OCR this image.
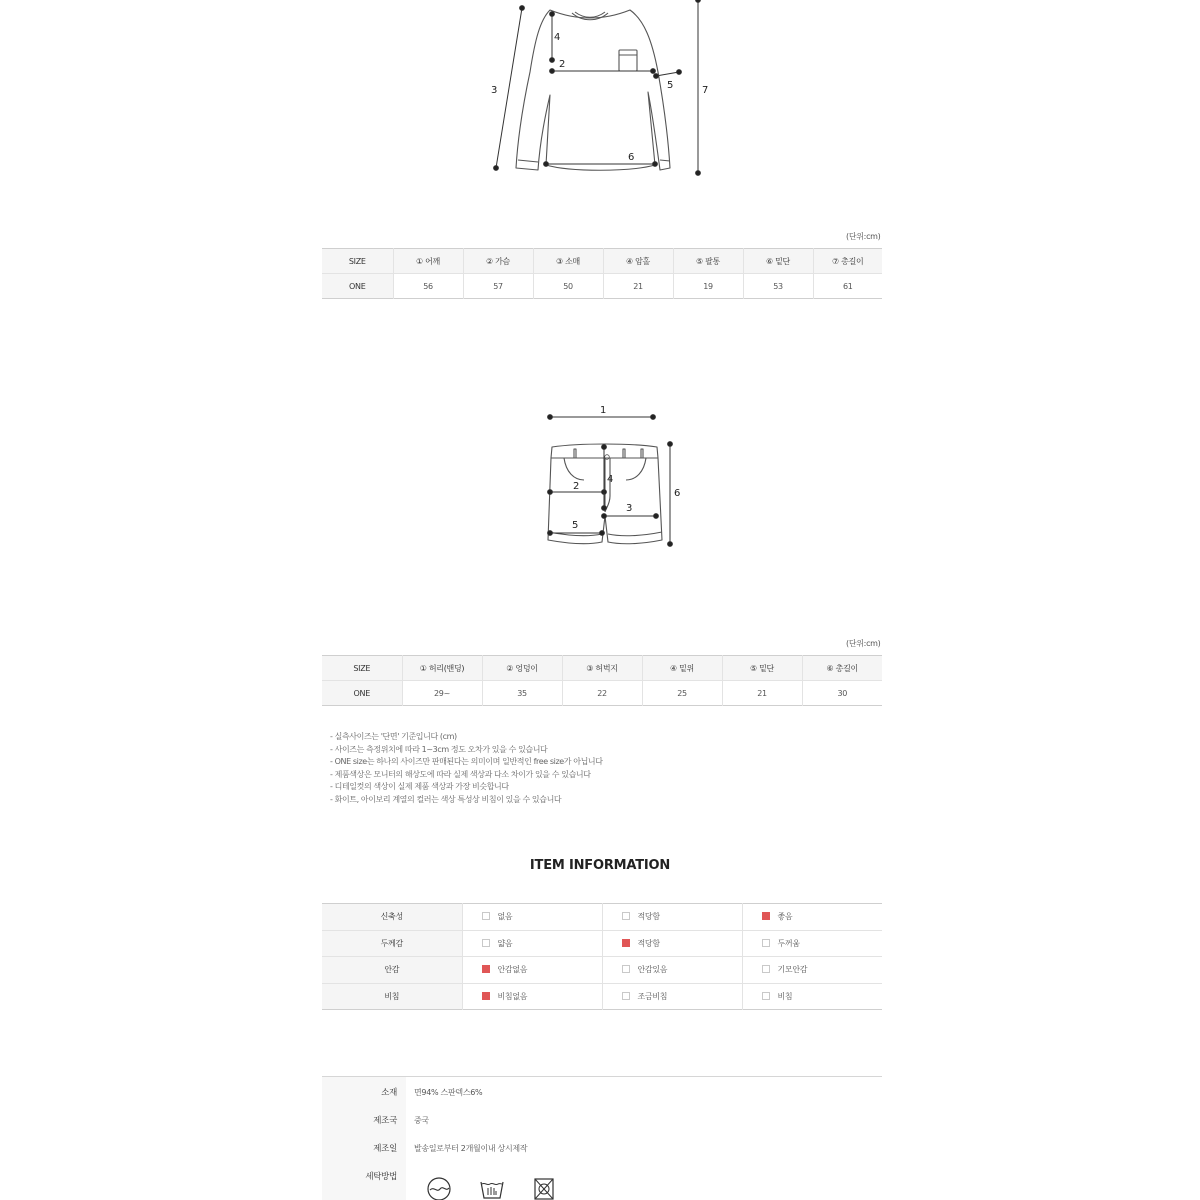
3
4
2
5
6
7
(단위:cm)
SIZE	① 어깨	② 가슴	③ 소매	④ 암홀	⑤ 팔통	⑥ 밑단	⑦ 총길이
ONE	56	57	50	21	19	53	61
1
2
4
3
5
6
(단위:cm)
SIZE	① 허리(밴딩)	② 엉덩이	③ 허벅지	④ 밑위	⑤ 밑단	⑥ 총길이
ONE	29~	35	22	25	21	30
- 실측사이즈는 '단면' 기준입니다 (cm)
- 사이즈는 측정위치에 따라 1~3cm 정도 오차가 있을 수 있습니다
- ONE size는 하나의 사이즈만 판매된다는 의미이며 일반적인 free size가 아닙니다
- 제품색상은 모니터의 해상도에 따라 실제 색상과 다소 차이가 있을 수 있습니다
- 디테일컷의 색상이 실제 제품 색상과 가장 비슷합니다
- 화이트, 아이보리 계열의 컬러는 색상 특성상 비침이 있을 수 있습니다
ITEM INFORMATION
신축성	없음	적당함	좋음

두께감	얇음	적당함	두꺼움

안감	안감없음	안감있음	기모안감

비침	비침없음	조금비침	비침
소재 면94% 스판덱스6%
제조국 중국
제조일 발송일로부터 2개월이내 상시제작
세탁방법
